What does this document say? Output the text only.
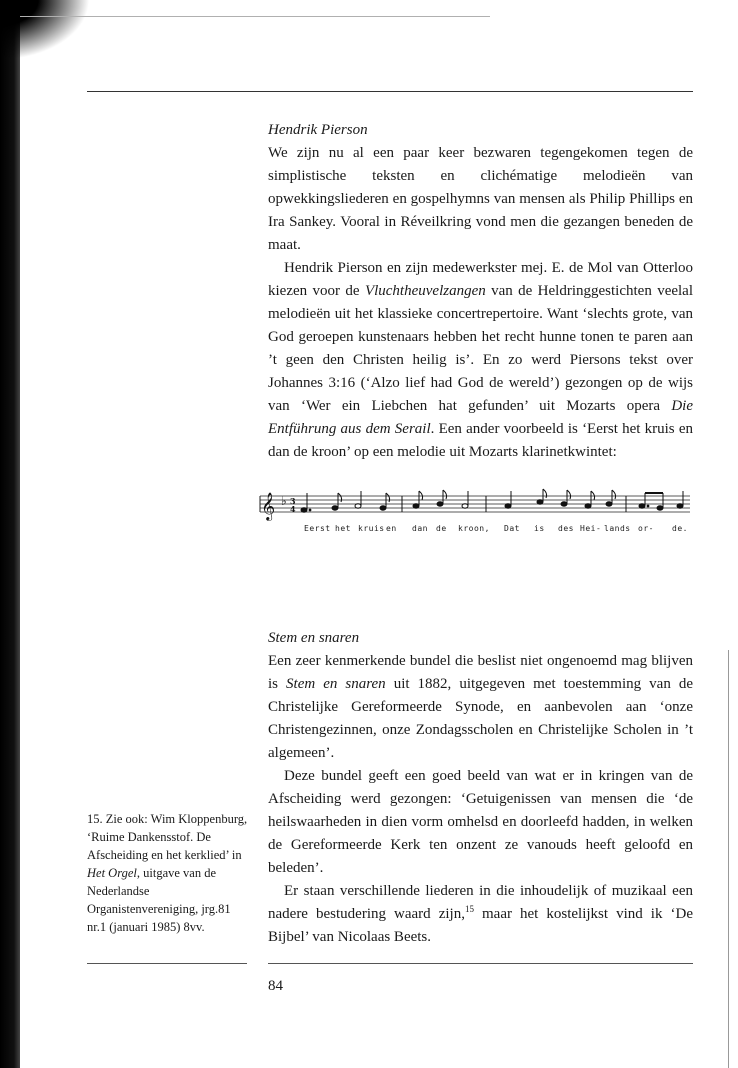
Hendrik Pierson

We zijn nu al een paar keer bezwaren tegengekomen tegen de simplistische teksten en clichématige melodieën van opwekkingsliederen en gospelhymns van mensen als Philip Phillips en Ira Sankey. Vooral in Réveilkring vond men die gezangen beneden de maat.

Hendrik Pierson en zijn medewerkster mej. E. de Mol van Otterloo kiezen voor de Vluchtheuvelzangen van de Heldringgestichten veelal melodieën uit het klassieke concertrepertoire. Want ‘slechts grote, van God geroepen kunstenaars hebben het recht hunne tonen te paren aan ’t geen den Christen heilig is’. En zo werd Piersons tekst over Johannes 3:16 (‘Alzo lief had God de wereld’) gezongen op de wijs van ‘Wer ein Liebchen hat gefunden’ uit Mozarts opera Die Entführung aus dem Serail. Een ander voorbeeld is ‘Eerst het kruis en dan de kroon’ op een melodie uit Mozarts klarinetkwintet:

𝄞 ♭ 3
4
Eerst het kruis en dan de kroon, Dat is des Hei- lands or- de.

Stem en snaren

Een zeer kenmerkende bundel die beslist niet ongenoemd mag blijven is Stem en snaren uit 1882, uitgegeven met toestemming van de Christelijke Gereformeerde Synode, en aanbevolen aan ‘onze Christengezinnen, onze Zondagsscholen en Christelijke Scholen in ’t algemeen’.

Deze bundel geeft een goed beeld van wat er in kringen van de Afscheiding werd gezongen: ‘Getuigenissen van mensen die ‘de heilswaarheden in dien vorm omhelsd en doorleefd hadden, in welken de Gereformeerde Kerk ten onzent ze vanouds heeft geloofd en beleden’.

Er staan verschillende liederen in die inhoudelijk of muzikaal een nadere bestudering waard zijn,$^{15}$ maar het kostelijkst vind ik ‘De Bijbel’ van Nicolaas Beets.

15. Zie ook: Wim Kloppenburg, ‘Ruime Dankensstof. De Afscheiding en het kerklied’ in Het Orgel, uitgave van de Nederlandse Organistenvereniging, jrg.81 nr.1 (januari 1985) 8vv.

84
